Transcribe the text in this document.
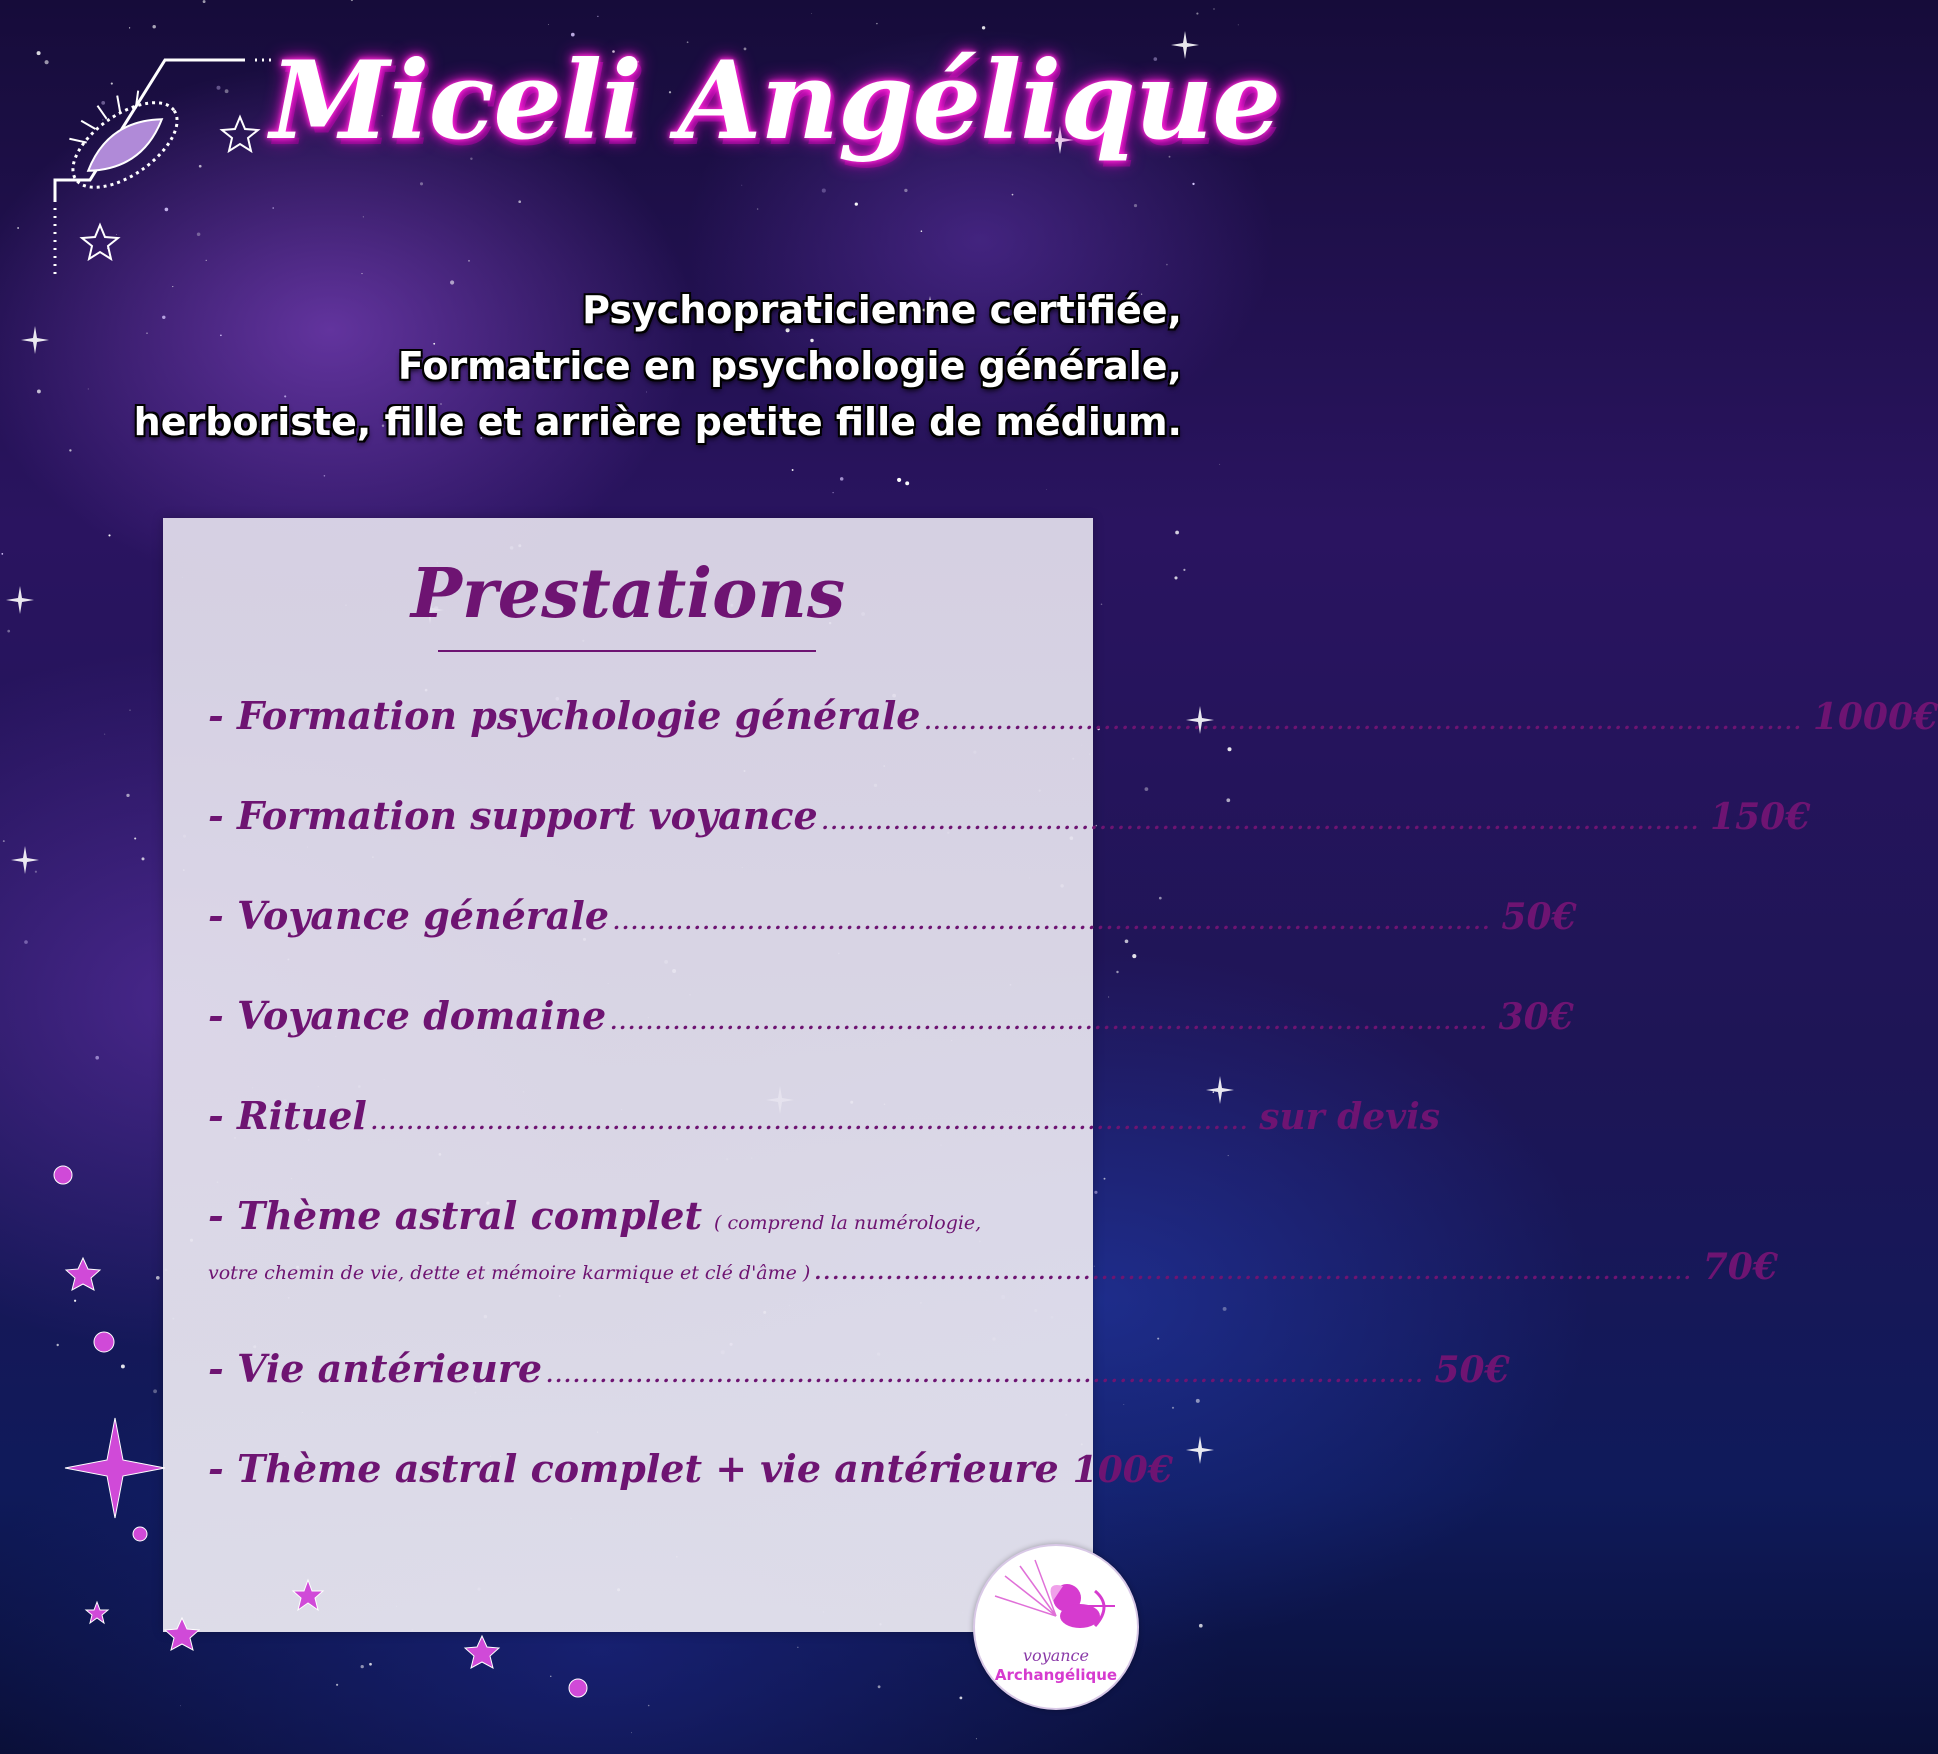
Miceli Angélique
Psychopraticienne certifiée,
Formatrice en psychologie générale,
herboriste, fille et arrière petite fille de médium.
Prestations
- Formation psychologie générale .................................................................................................. 1000€
- Formation support voyance .................................................................................................. 150€
- Voyance générale .................................................................................................. 50€
- Voyance domaine .................................................................................................. 30€
- Rituel .................................................................................................. sur devis
- Thème astral complet ( comprend la numérologie,
votre chemin de vie, dette et mémoire karmique et clé d'âme ) .................................................................................................. 70€
- Vie antérieure .................................................................................................. 50€
- Thème astral complet + vie antérieure 100€
voyance
Archangélique
